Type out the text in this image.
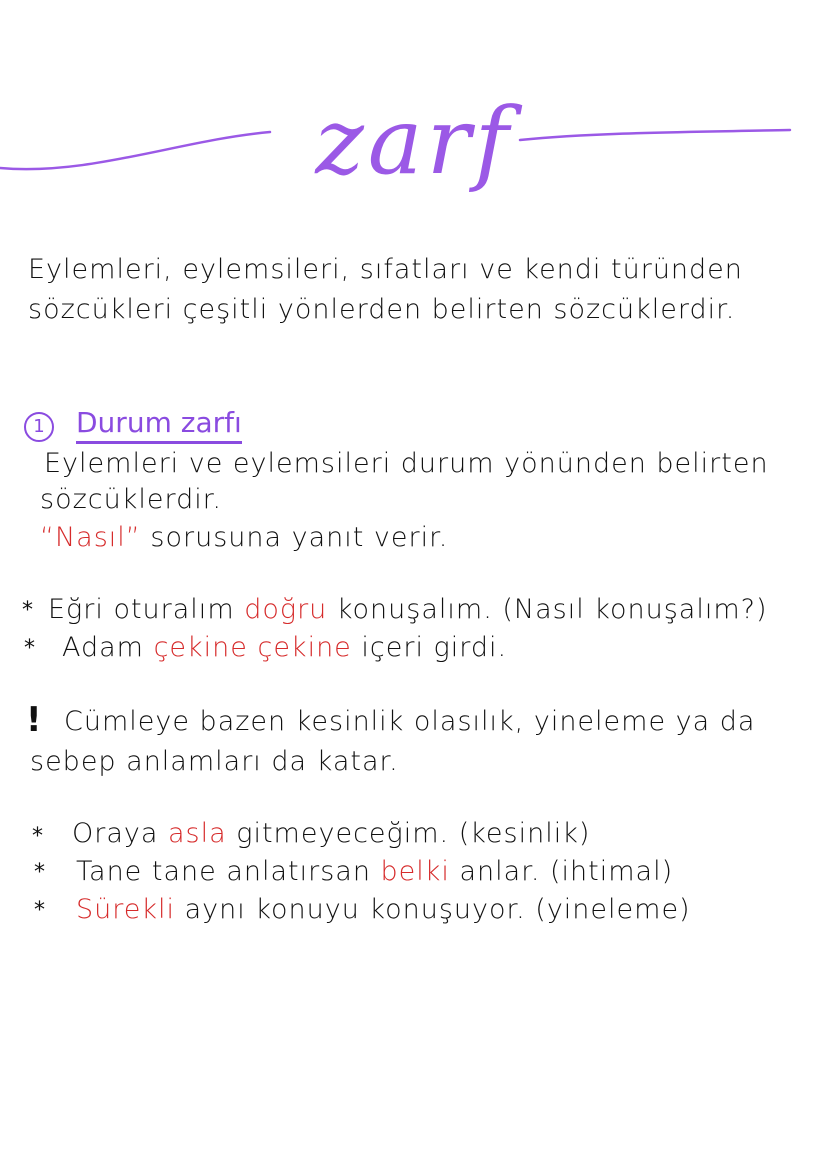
zarf
Eylemleri, eylemsileri, sıfatları ve kendi türünden
sözcükleri çeşitli yönlerden belirten sözcüklerdir.
1	Durum zarfı
Eylemleri ve eylemsileri durum yönünden belirten
sözcüklerdir.
“Nasıl” sorusuna yanıt verir.
* Eğri oturalım doğru konuşalım. (Nasıl konuşalım?)
* Adam çekine çekine içeri girdi.
! Cümleye bazen kesinlik olasılık, yineleme ya da
sebep anlamları da katar.
* Oraya asla gitmeyeceğim. (kesinlik)
* Tane tane anlatırsan belki anlar. (ihtimal)
* Sürekli aynı konuyu konuşuyor. (yineleme)
